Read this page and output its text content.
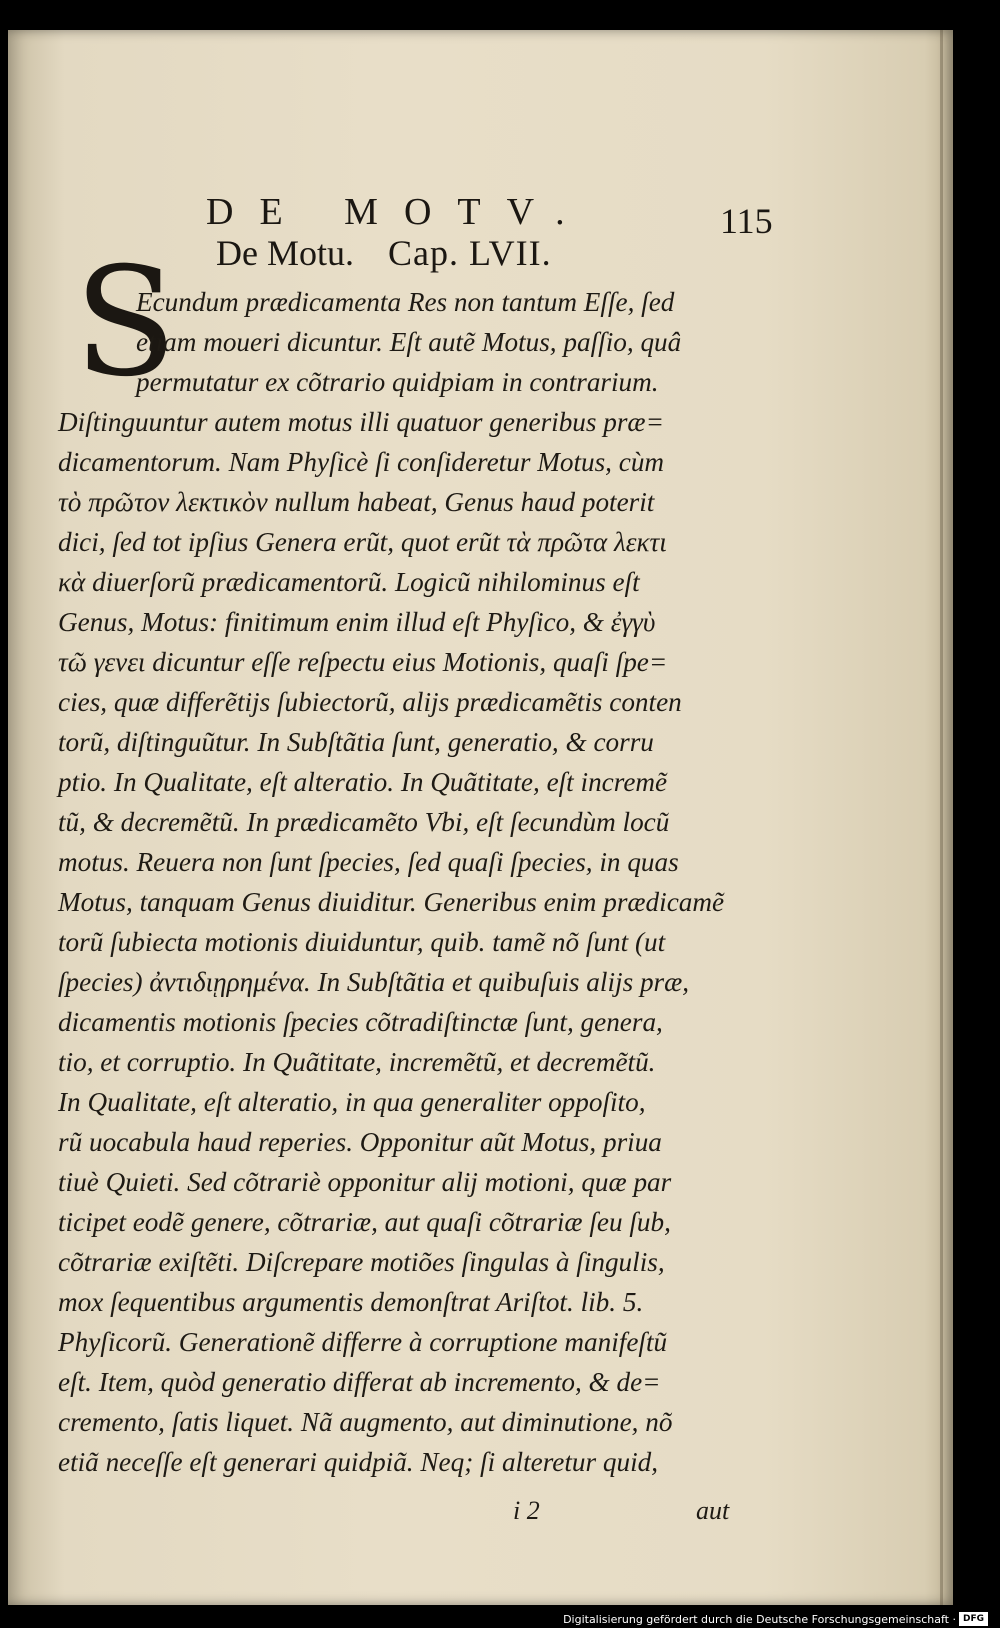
DE MOTV.	115
De Motu. Cap. LVII.
S
Ecundum prædicamenta Res non tantum Eſſe, ſed
etiam moueri dicuntur. Eſt autẽ Motus, paſſio, quâ
permutatur ex cõtrario quidpiam in contrarium.
Diſtinguuntur autem motus illi quatuor generibus præ=
dicamentorum. Nam Phyſicè ſi conſideretur Motus, cùm
τὸ πρῶτον λεκτικὸν nullum habeat, Genus haud poterit
dici, ſed tot ipſius Genera erũt, quot erũt τὰ πρῶτα λεκτι
κὰ diuerſorũ prædicamentorũ. Logicũ nihilominus eſt
Genus, Motus: finitimum enim illud eſt Phyſico, & ἐγγὺ
τῶ γενει dicuntur eſſe reſpectu eius Motionis, quaſi ſpe=
cies, quæ differẽtijs ſubiectorũ, alijs prædicamẽtis conten
torũ, diſtinguũtur. In Subſtãtia ſunt, generatio, & corru
ptio. In Qualitate, eſt alteratio. In Quãtitate, eſt incremẽ
tũ, & decremẽtũ. In prædicamẽto Vbi, eſt ſecundùm locũ
motus. Reuera non ſunt ſpecies, ſed quaſi ſpecies, in quas
Motus, tanquam Genus diuiditur. Generibus enim prædicamẽ
torũ ſubiecta motionis diuiduntur, quib. tamẽ nõ ſunt (ut
ſpecies) ἀντιδιῃρημένα. In Subſtãtia et quibuſuis alijs præ,
dicamentis motionis ſpecies cõtradiſtinctæ ſunt, genera,
tio, et corruptio. In Quãtitate, incremẽtũ, et decremẽtũ.
In Qualitate, eſt alteratio, in qua generaliter oppoſito,
rũ uocabula haud reperies. Opponitur aũt Motus, priua
tiuè Quieti. Sed cõtrariè opponitur alij motioni, quæ par
ticipet eodẽ genere, cõtrariæ, aut quaſi cõtrariæ ſeu ſub,
cõtrariæ exiſtẽti. Diſcrepare motiões ſingulas à ſingulis,
mox ſequentibus argumentis demonſtrat Ariſtot. lib. 5.
Phyſicorũ. Generationẽ differre à corruptione manifeſtũ
eſt. Item, quòd generatio differat ab incremento, & de=
cremento, ſatis liquet. Nã augmento, aut diminutione, nõ
etiã neceſſe eſt generari quidpiã. Neq; ſi alteretur quid,
i 2	aut
Digitalisierung gefördert durch die Deutsche Forschungsgemeinschaft · DFG
